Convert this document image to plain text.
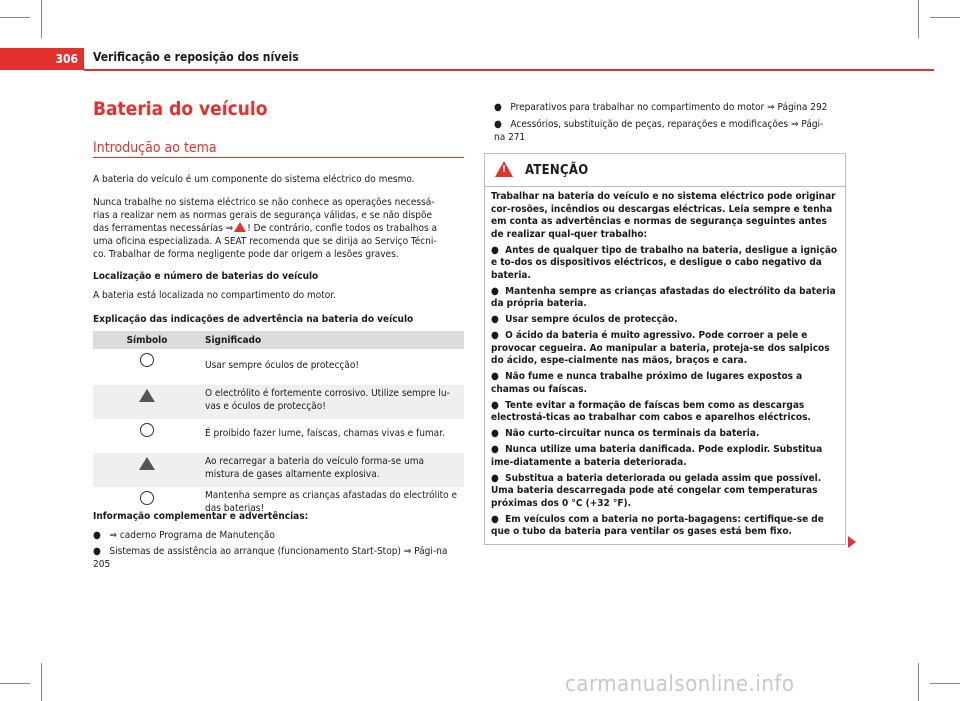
306	Verificação e reposição dos níveis
Bateria do veículo
Introdução ao tema

A bateria do veículo é um componente do sistema eléctrico do mesmo.

Nunca trabalhe no sistema eléctrico se não conhece as operações necessá-

rias a realizar nem as normas gerais de segurança válidas, e se não dispõe

das ferramentas necessárias ⇒ ! De contrário, confie todos os trabalhos a

uma oficina especializada. A SEAT recomenda que se dirija ao Serviço Técni-

co. Trabalhar de forma negligente pode dar origem a lesões graves.

Localização e número de baterias do veículo

A bateria está localizada no compartimento do motor.

Explicação das indicações de advertência na bateria do veículo

Símbolo	Significado

	Usar sempre óculos de protecção!

	O electrólito é fortemente corrosivo. Utilize sempre lu-vas e óculos de protecção!

	É proibido fazer lume, faíscas, chamas vivas e fumar.

	Ao recarregar a bateria do veículo forma-se uma mistura de gases altamente explosiva.

	Mantenha sempre as crianças afastadas do electrólito e das baterias!

Informação complementar e advertências:

●   ⇒ caderno Programa de Manutenção
●   Sistemas de assistência ao arranque (funcionamento Start-Stop) ⇒ Pági-na 205
●   Preparativos para trabalhar no compartimento do motor ⇒ Página 292
●   Acessórios, substituição de peças, reparações e modificações ⇒ Pági-na 271
! ATENÇÃO
Trabalhar na bateria do veículo e no sistema eléctrico pode originar cor-rosões, incêndios ou descargas eléctricas. Leia sempre e tenha em conta as advertências e normas de segurança seguintes antes de realizar qual-quer trabalho:
●  Antes de qualquer tipo de trabalho na bateria, desligue a ignição e to-dos os dispositivos eléctricos, e desligue o cabo negativo da bateria.
●  Mantenha sempre as crianças afastadas do electrólito da bateria da própria bateria.
●  Usar sempre óculos de protecção.
●  O ácido da bateria é muito agressivo. Pode corroer a pele e provocar cegueira. Ao manipular a bateria, proteja-se dos salpicos do ácido, espe-cialmente nas mãos, braços e cara.
●  Não fume e nunca trabalhe próximo de lugares expostos a chamas ou faíscas.
●  Tente evitar a formação de faíscas bem como as descargas electrostá-ticas ao trabalhar com cabos e aparelhos eléctricos.
●  Não curto-circuitar nunca os terminais da bateria.
●  Nunca utilize uma bateria danificada. Pode explodir. Substitua ime-diatamente a bateria deteriorada.
●  Substitua a bateria deteriorada ou gelada assim que possível. Uma bateria descarregada pode até congelar com temperaturas próximas dos 0 °C (+32 °F).
●  Em veículos com a bateria no porta-bagagens: certifique-se de que o tubo da bateria para ventilar os gases está bem fixo.
carmanualsonline.info
